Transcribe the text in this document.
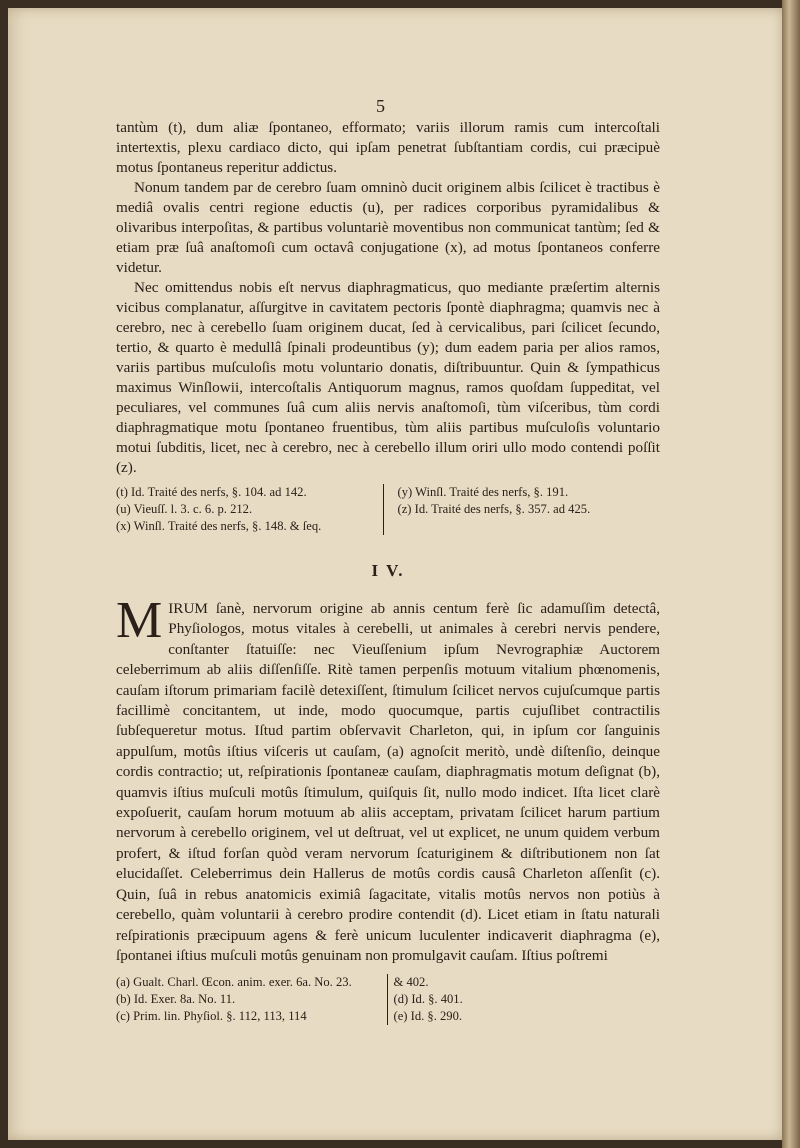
5

tantùm (t), dum aliæ ſpontaneo, efformato; variis illorum ramis cum intercoſtali intertextis, plexu cardiaco dicto, qui ipſam penetrat ſubſtantiam cordis, cui præcipuè motus ſpontaneus reperitur addictus.

Nonum tandem par de cerebro ſuam omninò ducit originem albis ſcilicet è tractibus è mediâ ovalis centri regione eductis (u), per radices corporibus pyramidalibus & olivaribus interpoſitas, & partibus voluntariè moventibus non communicat tantùm; ſed & etiam præ ſuâ anaſtomoſi cum octavâ conjugatione (x), ad motus ſpontaneos conferre videtur.

Nec omittendus nobis eſt nervus diaphragmaticus, quo mediante præſertim alternis vicibus complanatur, aſſurgitve in cavitatem pectoris ſpontè diaphragma; quamvis nec à cerebro, nec à cerebello ſuam originem ducat, ſed à cervicalibus, pari ſcilicet ſecundo, tertio, & quarto è medullâ ſpinali prodeuntibus (y); dum eadem paria per alios ramos, variis partibus muſculoſis motu voluntario donatis, diſtribuuntur. Quin & ſympathicus maximus Winſlowii, intercoſtalis Antiquorum magnus, ramos quoſdam ſuppeditat, vel peculiares, vel communes ſuâ cum aliis nervis anaſtomoſi, tùm viſceribus, tùm cordi diaphragmatique motu ſpontaneo fruentibus, tùm aliis partibus muſculoſis voluntario motui ſubditis, licet, nec à cerebro, nec à cerebello illum oriri ullo modo contendi poſſit (z).

(t) Id. Traité des nerfs, §. 104. ad 142.
(u) Vieuſſ. l. 3. c. 6. p. 212.
(x) Winſl. Traité des nerfs, §. 148. & ſeq.
(y) Winſl. Traité des nerfs, §. 191.
(z) Id. Traité des nerfs, §. 357. ad 425.
I V.
M IRUM ſanè, nervorum origine ab annis centum ferè ſic adamuſſim detectâ, Phyſiologos, motus vitales à cerebelli, ut animales à cerebri nervis pendere, conſtanter ſtatuiſſe: nec Vieuſſenium ipſum Nevrographiæ Auctorem celeberrimum ab aliis diſſenſiſſe. Ritè tamen perpenſis motuum vitalium phœnomenis, cauſam iſtorum primariam facilè detexiſſent, ſtimulum ſcilicet nervos cujuſcumque partis facillimè concitantem, ut inde, modo quocumque, partis cujuſlibet contractilis ſubſequeretur motus. Iſtud partim obſervavit Charleton, qui, in ipſum cor ſanguinis appulſum, motûs iſtius viſceris ut cauſam, (a) agnoſcit meritò, undè diſtenſio, deinque cordis contractio; ut, reſpirationis ſpontaneæ cauſam, diaphragmatis motum deſignat (b), quamvis iſtius muſculi motûs ſtimulum, quiſquis ſit, nullo modo indicet. Iſta licet clarè expoſuerit, cauſam horum motuum ab aliis acceptam, privatam ſcilicet harum partium nervorum à cerebello originem, vel ut deſtruat, vel ut explicet, ne unum quidem verbum profert, & iſtud forſan quòd veram nervorum ſcaturiginem & diſtributionem non ſat elucidaſſet. Celeberrimus dein Hallerus de motûs cordis causâ Charleton aſſenſit (c). Quin, ſuâ in rebus anatomicis eximiâ ſagacitate, vitalis motûs nervos non potiùs à cerebello, quàm voluntarii à cerebro prodire contendit (d). Licet etiam in ſtatu naturali reſpirationis præcipuum agens & ferè unicum luculenter indicaverit diaphragma (e), ſpontanei iſtius muſculi motûs genuinam non promulgavit cauſam. Iſtius poſtremi
(a) Gualt. Charl. Œcon. anim. exer. 6a. No. 23.
(b) Id. Exer. 8a. No. 11.
(c) Prim. lin. Phyſiol. §. 112, 113, 114
& 402.
(d) Id. §. 401.
(e) Id. §. 290.
